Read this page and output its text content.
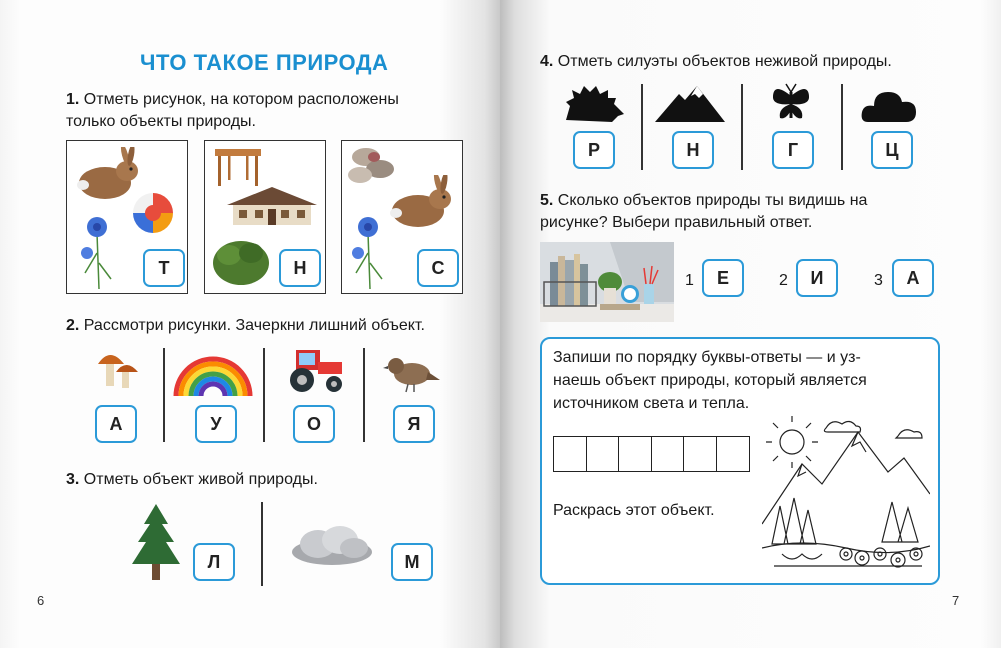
ЧТО ТАКОЕ ПРИРОДА
1. Отметь рисунок, на котором расположены
только объекты природы.
Т	Н	С
2. Рассмотри рисунки. Зачеркни лишний объект.
А	У	О	Я
3. Отметь объект живой природы.
Л	М
6
4. Отметь силуэты объектов неживой природы.
Р	Н	Г	Ц
5. Сколько объектов природы ты видишь на
рисунке? Выбери правильный ответ.
1	Е	2	И	3	А
Запиши по порядку буквы-ответы — и уз-
наешь объект природы, который является
источником света и тепла.
Раскрась этот объект.
7
